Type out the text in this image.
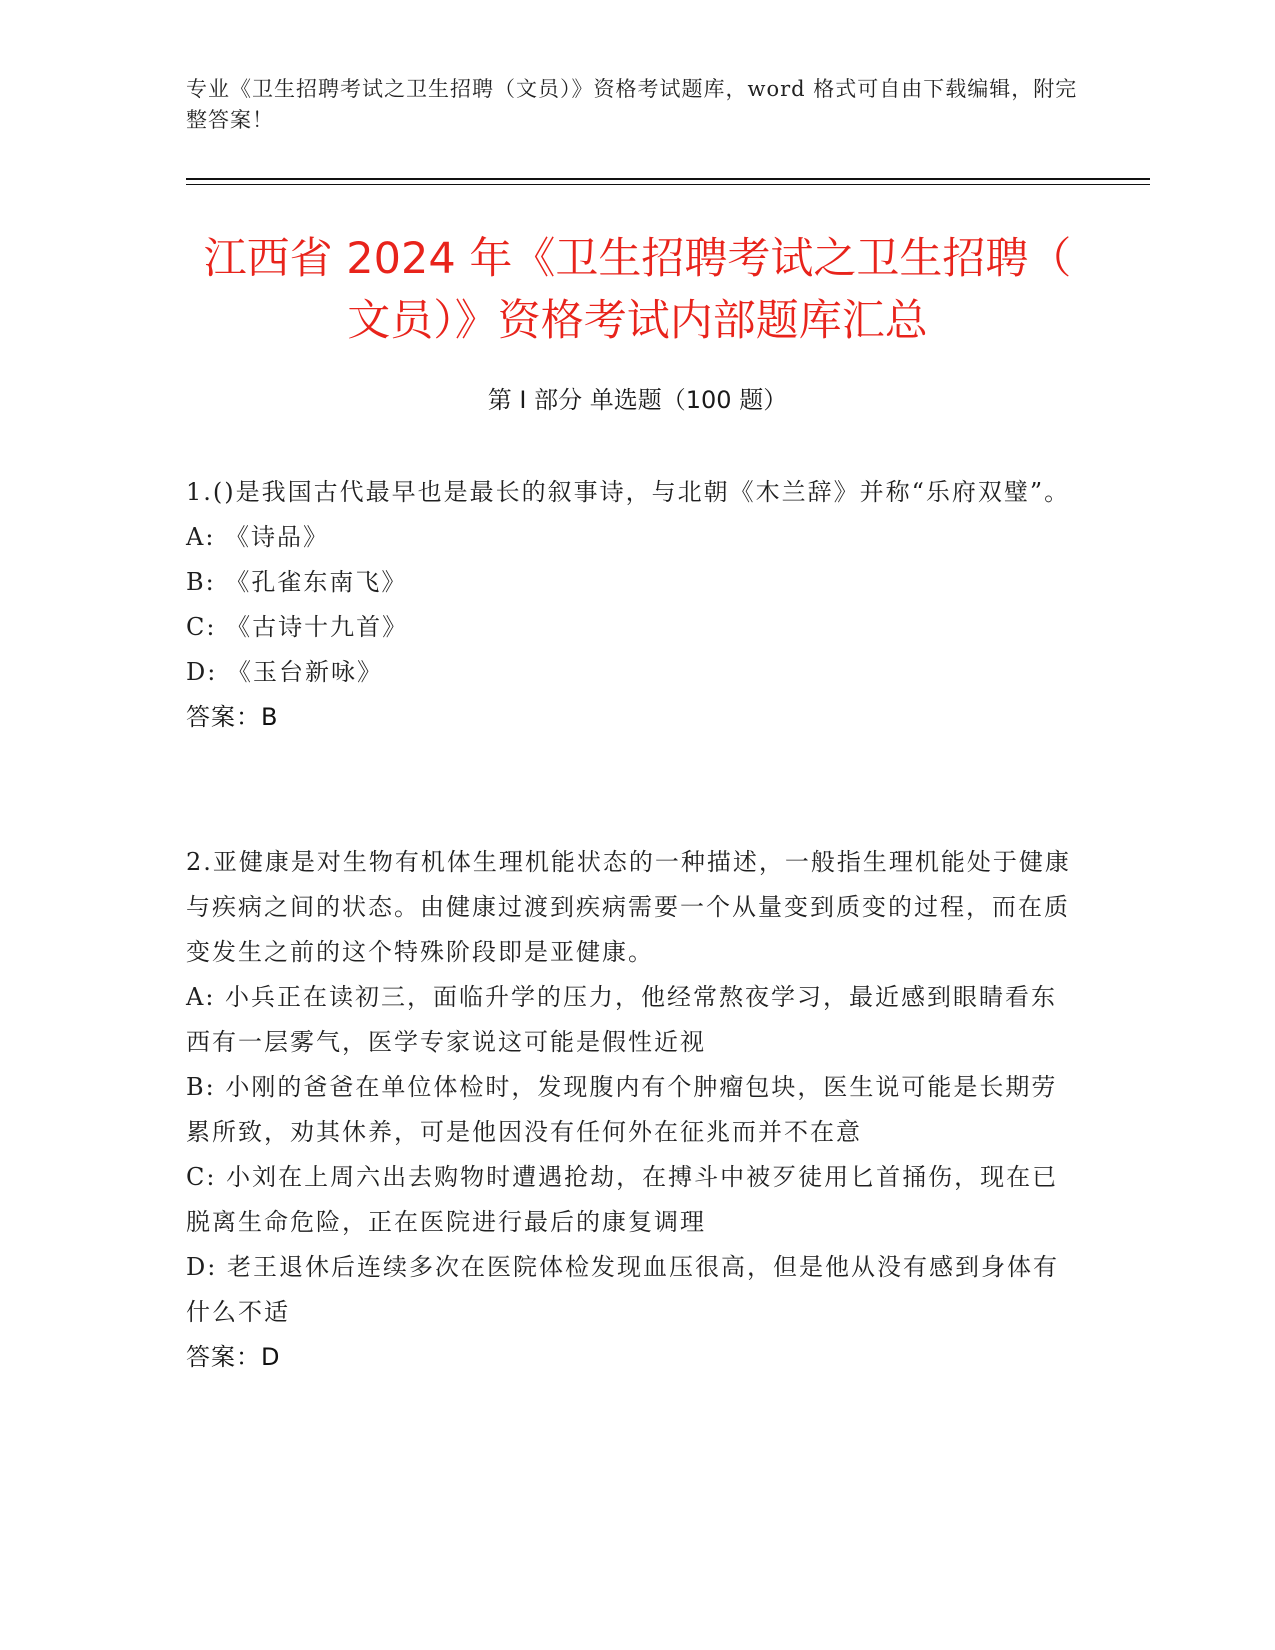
专业《卫生招聘考试之卫生招聘（文员）》资格考试题库，word 格式可自由下载编辑，附完整答案！
江西省 2024 年《卫生招聘考试之卫生招聘（
文员）》资格考试内部题库汇总
第 I 部分 单选题（100 题）

1.()是我国古代最早也是最长的叙事诗，与北朝《木兰辞》并称“乐府双璧”。

A: 《诗品》

B: 《孔雀东南飞》

C: 《古诗十九首》

D: 《玉台新咏》

答案：B

2.亚健康是对生物有机体生理机能状态的一种描述，一般指生理机能处于健康与疾病之间的状态。由健康过渡到疾病需要一个从量变到质变的过程，而在质变发生之前的这个特殊阶段即是亚健康。

A: 小兵正在读初三，面临升学的压力，他经常熬夜学习，最近感到眼睛看东西有一层雾气，医学专家说这可能是假性近视

B: 小刚的爸爸在单位体检时，发现腹内有个肿瘤包块，医生说可能是长期劳累所致，劝其休养，可是他因没有任何外在征兆而并不在意

C: 小刘在上周六出去购物时遭遇抢劫，在搏斗中被歹徒用匕首捅伤，现在已脱离生命危险，正在医院进行最后的康复调理

D: 老王退休后连续多次在医院体检发现血压很高，但是他从没有感到身体有什么不适

答案：D
